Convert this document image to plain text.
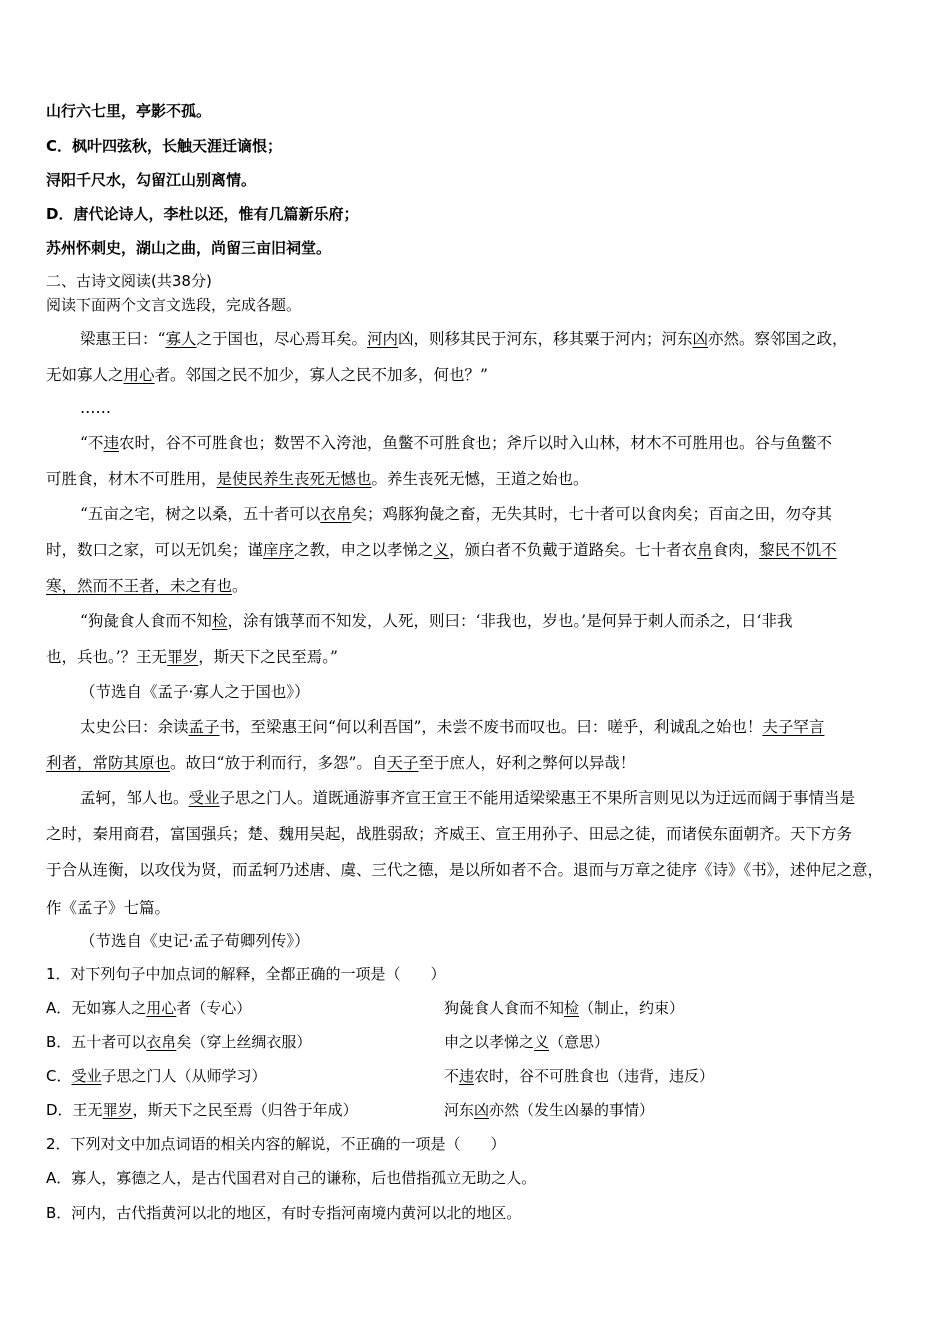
山行六七里，亭影不孤。
C．枫叶四弦秋，长触天涯迁谪恨；
浔阳千尺水，勾留江山别离情。
D．唐代论诗人，李杜以还，惟有几篇新乐府；
苏州怀刺史，湖山之曲，尚留三亩旧祠堂。
二、古诗文阅读(共38分)
阅读下面两个文言文选段，完成各题。
梁惠王曰：“寡人之于国也，尽心焉耳矣。河内凶，则移其民于河东，移其粟于河内；河东凶亦然。察邻国之政，
无如寡人之用心者。邻国之民不加少，寡人之民不加多，何也？”
……
“不违农时，谷不可胜食也；数罟不入洿池，鱼鳖不可胜食也；斧斤以时入山林，材木不可胜用也。谷与鱼鳖不
可胜食，材木不可胜用，是使民养生丧死无憾也。养生丧死无憾，王道之始也。
“五亩之宅，树之以桑，五十者可以衣帛矣；鸡豚狗彘之畜，无失其时，七十者可以食肉矣；百亩之田，勿夺其
时，数口之家，可以无饥矣；谨庠序之教，申之以孝悌之义，颁白者不负戴于道路矣。七十者衣帛食肉，黎民不饥不
寒，然而不王者，未之有也。
“狗彘食人食而不知检，涂有饿莩而不知发，人死，则曰：‘非我也，岁也。’是何异于刺人而杀之，日‘非我
也，兵也。’？王无罪岁，斯天下之民至焉。”
（节选自《孟子·寡人之于国也》）
太史公曰：余读孟子书，至梁惠王问“何以利吾国”，未尝不废书而叹也。曰：嗟乎，利诚乱之始也！夫子罕言
利者，常防其原也。故曰“放于利而行，多怨”。自天子至于庶人，好利之弊何以异哉！
孟轲，邹人也。受业子思之门人。道既通游事齐宣王宣王不能用适梁梁惠王不果所言则见以为迂远而阔于事情当是
之时，秦用商君，富国强兵；楚、魏用吴起，战胜弱敌；齐威王、宣王用孙子、田忌之徒，而诸侯东面朝齐。天下方务
于合从连衡，以攻伐为贤，而孟轲乃述唐、虞、三代之德，是以所如者不合。退而与万章之徒序《诗》《书》，述仲尼之意，
作《孟子》七篇。
（节选自《史记·孟子荀卿列传》）
1．对下列句子中加点词的解释，全都正确的一项是（　　）
A．无如寡人之用心者（专心）	狗彘食人食而不知检（制止，约束）
B．五十者可以衣帛矣（穿上丝绸衣服）	申之以孝悌之义（意思）
C．受业子思之门人（从师学习）	不违农时，谷不可胜食也（违背，违反）
D．王无罪岁，斯天下之民至焉（归咎于年成）	河东凶亦然（发生凶暴的事情）
2．下列对文中加点词语的相关内容的解说，不正确的一项是（　　）
A．寡人，寡德之人，是古代国君对自己的谦称，后也借指孤立无助之人。
B．河内，古代指黄河以北的地区，有时专指河南境内黄河以北的地区。
